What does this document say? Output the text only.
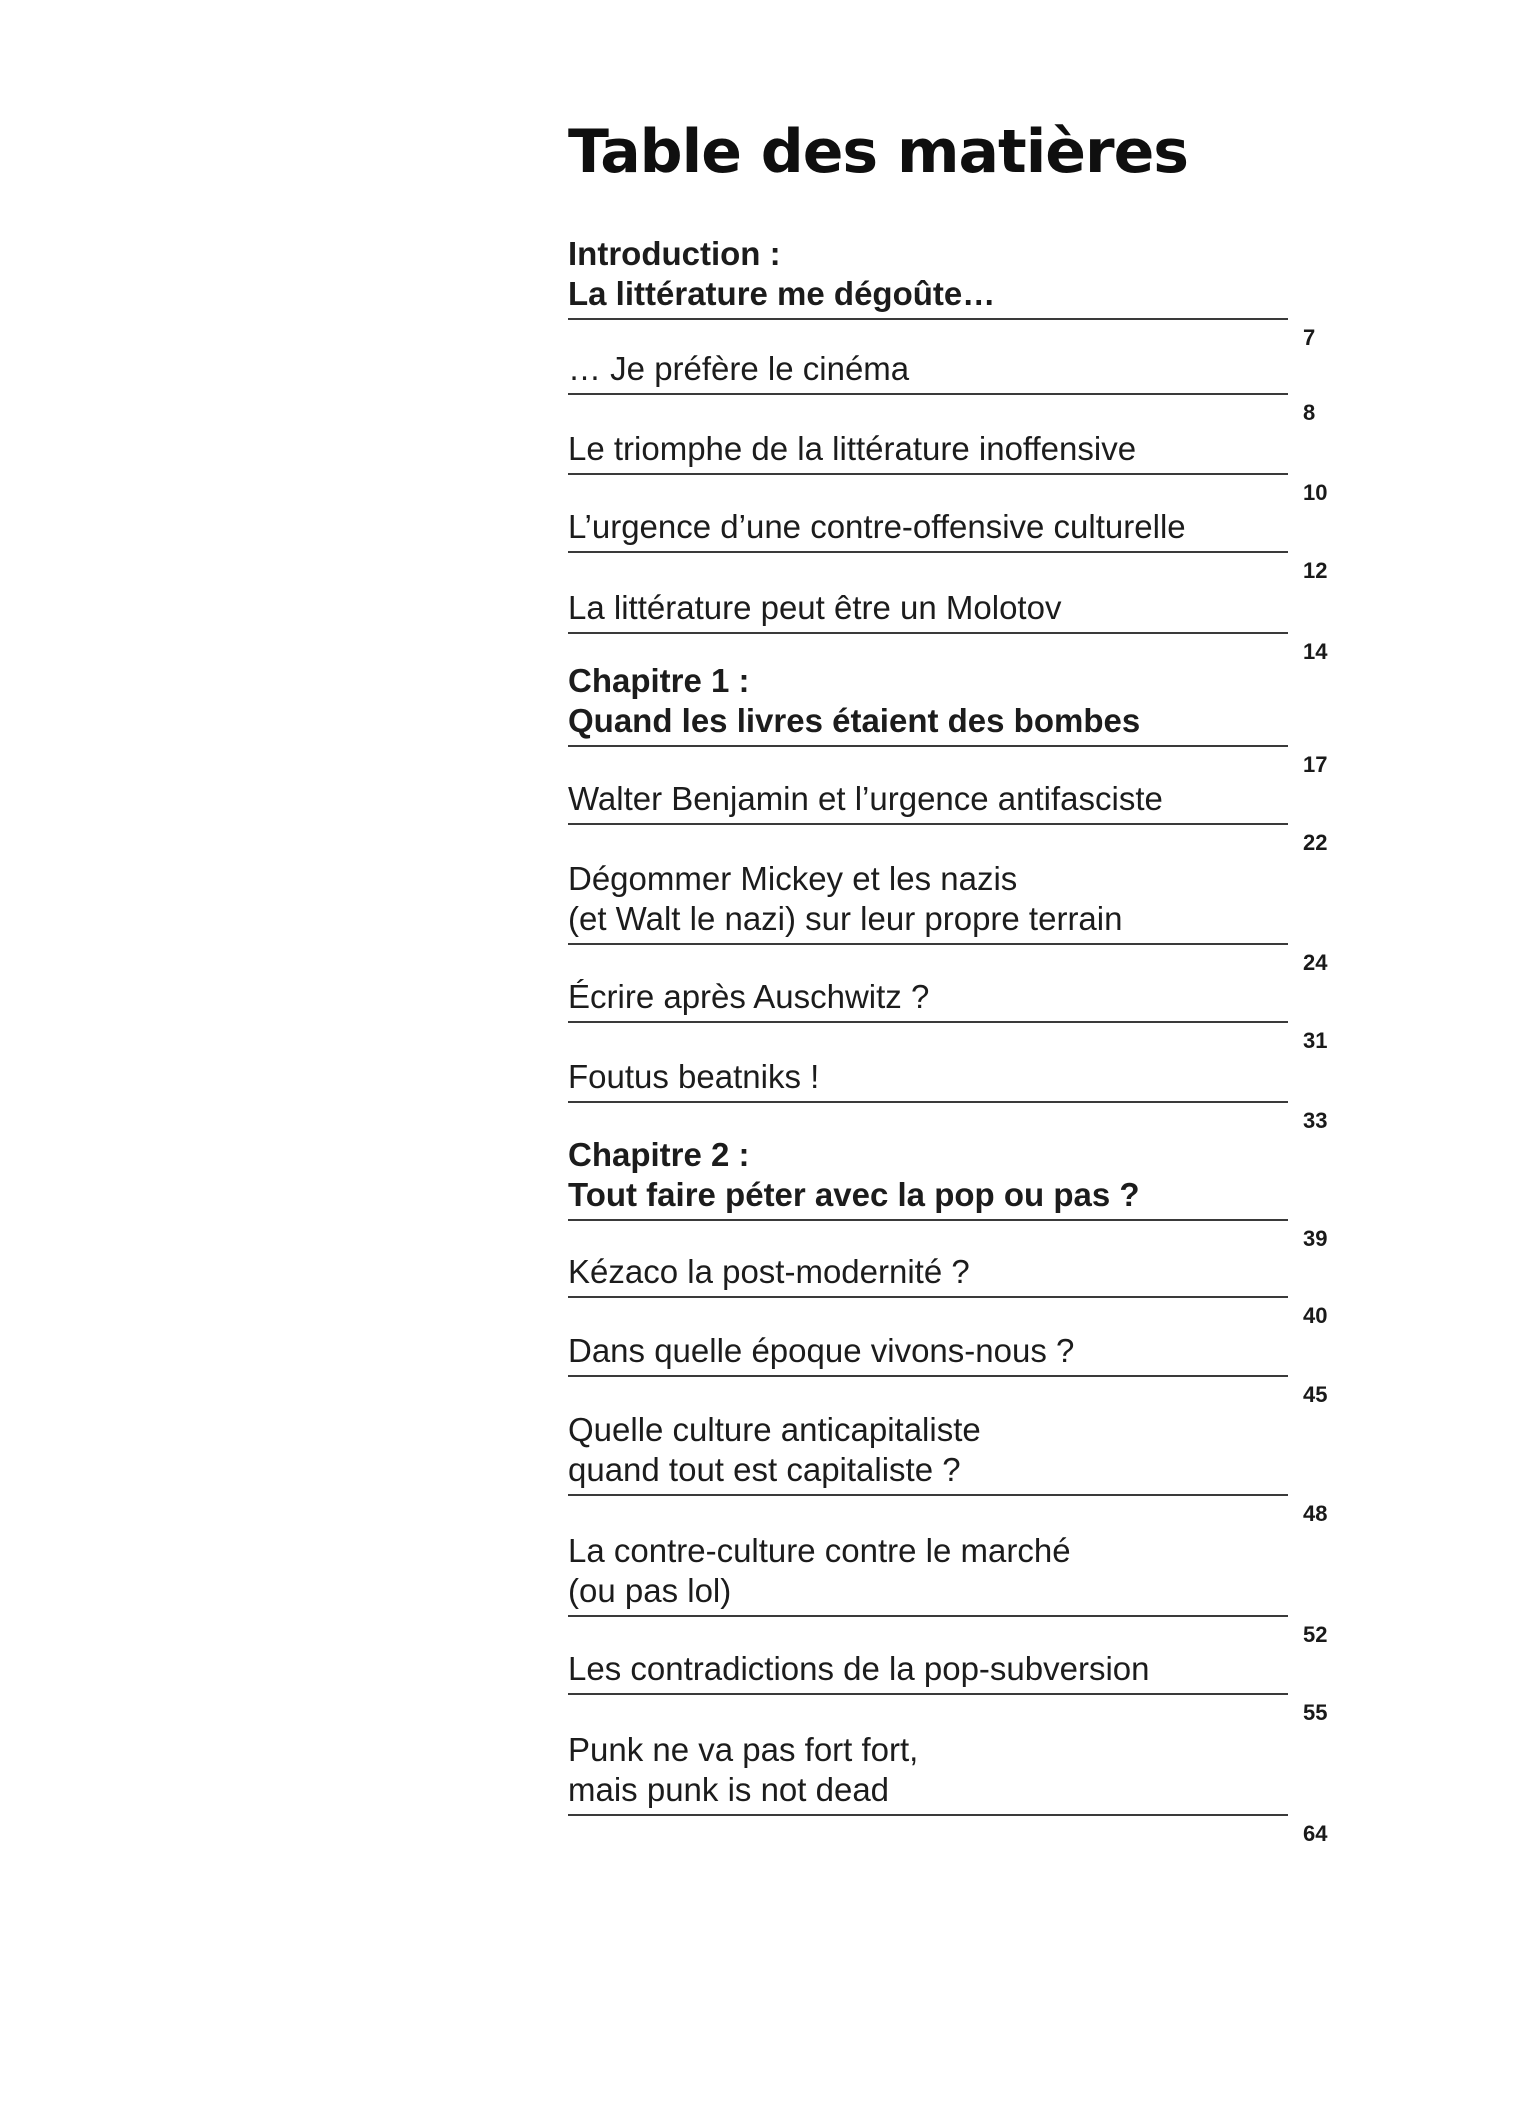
Table des matières
Introduction :
La littérature me dégoûte…
7
… Je préfère le cinéma
8
Le triomphe de la littérature inoffensive
10
L’urgence d’une contre-offensive culturelle
12
La littérature peut être un Molotov
14
Chapitre 1 :
Quand les livres étaient des bombes
17
Walter Benjamin et l’urgence antifasciste
22
Dégommer Mickey et les nazis
(et Walt le nazi) sur leur propre terrain
24
Écrire après Auschwitz ?
31
Foutus beatniks !
33
Chapitre 2 :
Tout faire péter avec la pop ou pas ?
39
Kézaco la post-modernité ?
40
Dans quelle époque vivons-nous ?
45
Quelle culture anticapitaliste
quand tout est capitaliste ?
48
La contre-culture contre le marché
(ou pas lol)
52
Les contradictions de la pop-subversion
55
Punk ne va pas fort fort,
mais punk is not dead
64
